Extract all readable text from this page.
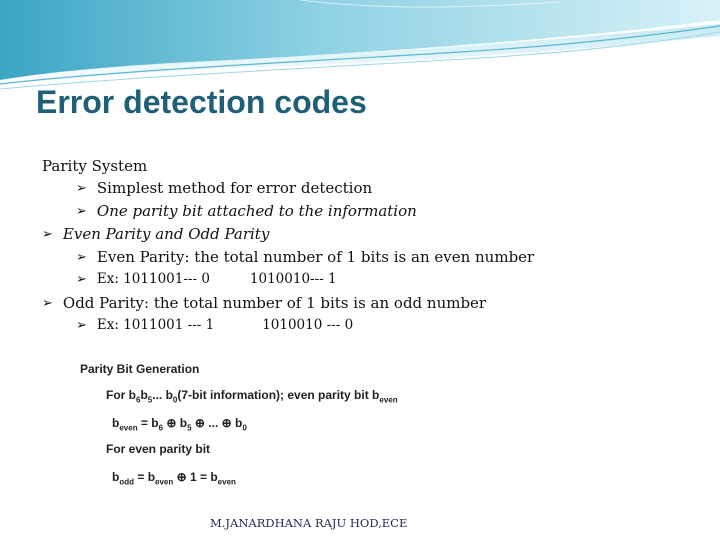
Error detection codes
Parity System
➢ Simplest method for error detection
➢ One parity bit attached to the information
➢ Even Parity and Odd Parity
➢ Even Parity: the total number of 1 bits is an even number
➢ Ex: 1011001--- 0	1010010--- 1
➢ Odd Parity: the total number of 1 bits is an odd number
➢ Ex: 1011001 --- 1	1010010 --- 0
Parity Bit Generation
For $b_6b_5$... $b_0(7$-bit information); even parity bit $b_{even}$
$b_{even} = b_6$ ⊕ $b_5$ ⊕ ... ⊕ $b_0$
For even parity bit
$b_{odd} = b_{even}$ ⊕ $1 = b_{even}$
M.JANARDHANA RAJU HOD,ECE
